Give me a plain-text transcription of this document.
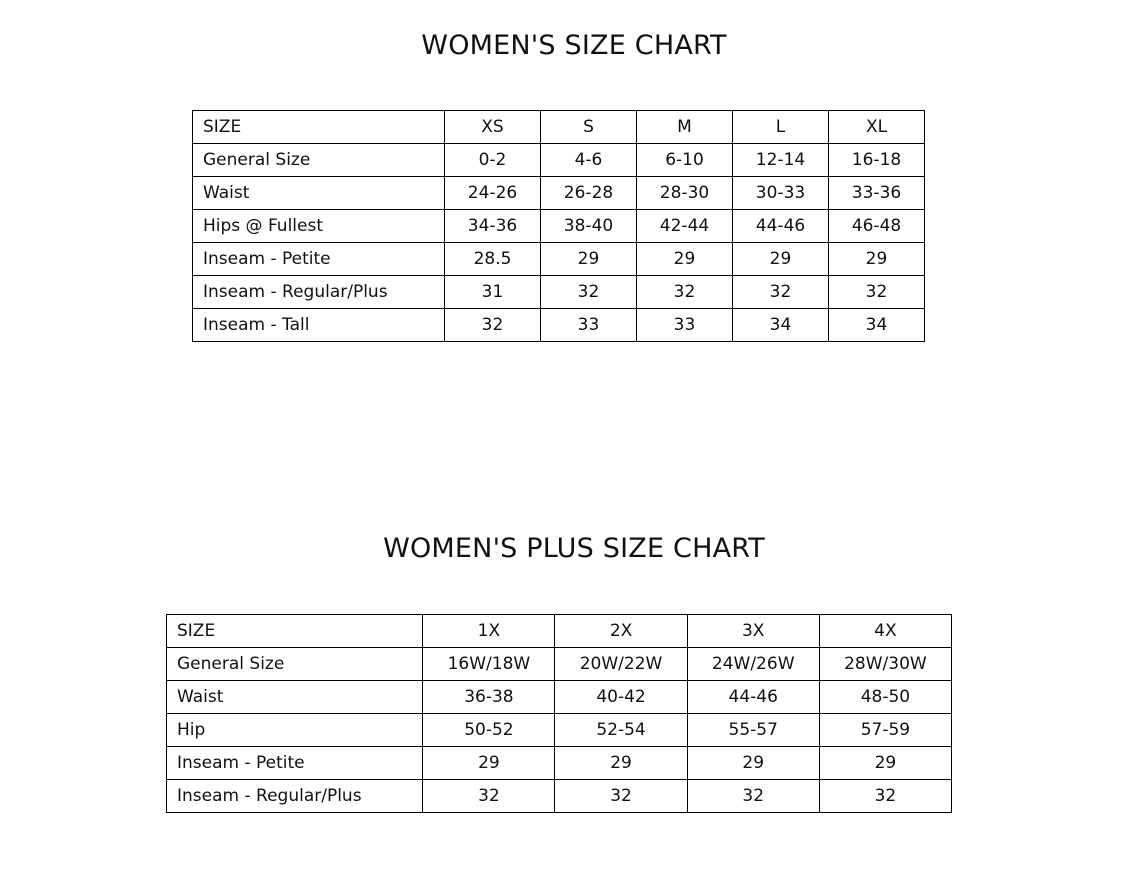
WOMEN'S SIZE CHART
SIZE	XS	S	M	L	XL
General Size	0-2	4-6	6-10	12-14	16-18
Waist	24-26	26-28	28-30	30-33	33-36
Hips @ Fullest	34-36	38-40	42-44	44-46	46-48
Inseam - Petite	28.5	29	29	29	29
Inseam - Regular/Plus	31	32	32	32	32
Inseam - Tall	32	33	33	34	34
WOMEN'S PLUS SIZE CHART
SIZE	1X	2X	3X	4X
General Size	16W/18W	20W/22W	24W/26W	28W/30W
Waist	36-38	40-42	44-46	48-50
Hip	50-52	52-54	55-57	57-59
Inseam - Petite	29	29	29	29
Inseam - Regular/Plus	32	32	32	32
